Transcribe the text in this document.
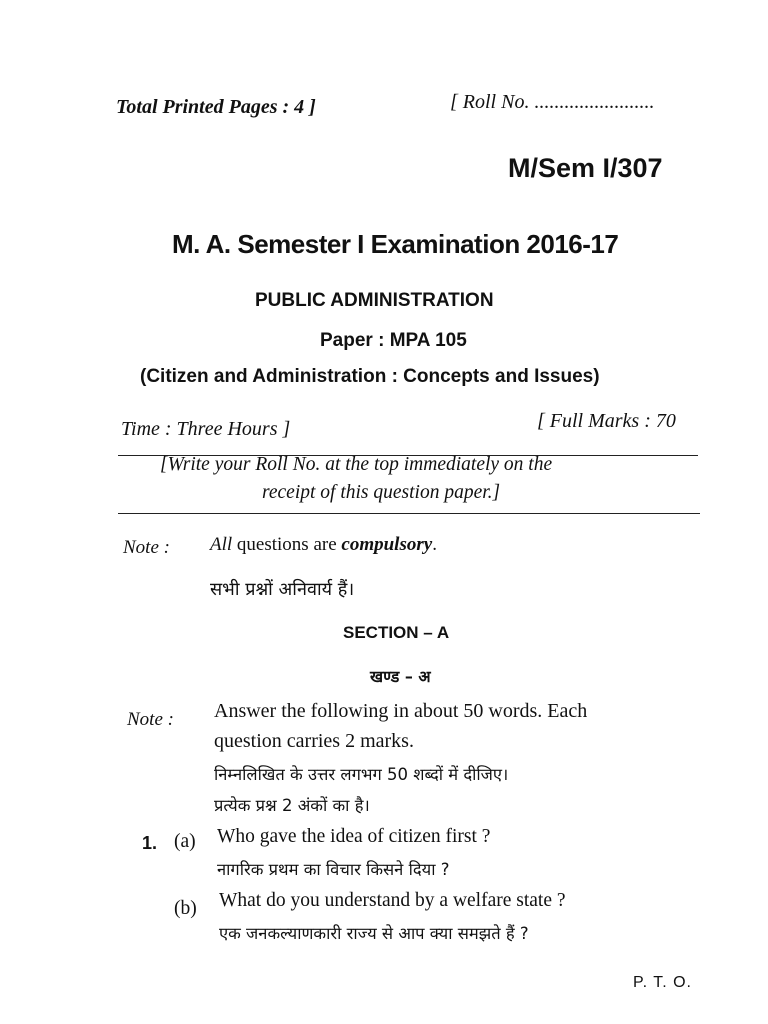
Total Printed Pages : 4 ]	[ Roll No. ........................
M/Sem I/307
M. A. Semester I Examination 2016-17
PUBLIC ADMINISTRATION
Paper : MPA 105
(Citizen and Administration : Concepts and Issues)
Time : Three Hours ]	[ Full Marks : 70
[Write your Roll No. at the top immediately on the
receipt of this question paper.]
Note : All questions are compulsory.
सभी प्रश्नों अनिवार्य हैं।
SECTION – A
खण्ड – अ
Note : Answer the following in about 50 words. Each
question carries 2 marks.
निम्नलिखित के उत्तर लगभग 50 शब्दों में दीजिए।
प्रत्येक प्रश्न 2 अंकों का है।
1. (a) Who gave the idea of citizen first ?
नागरिक प्रथम का विचार किसने दिया ?
(b) What do you understand by a welfare state ?
एक जनकल्याणकारी राज्य से आप क्या समझते हैं ?
P. T. O.
